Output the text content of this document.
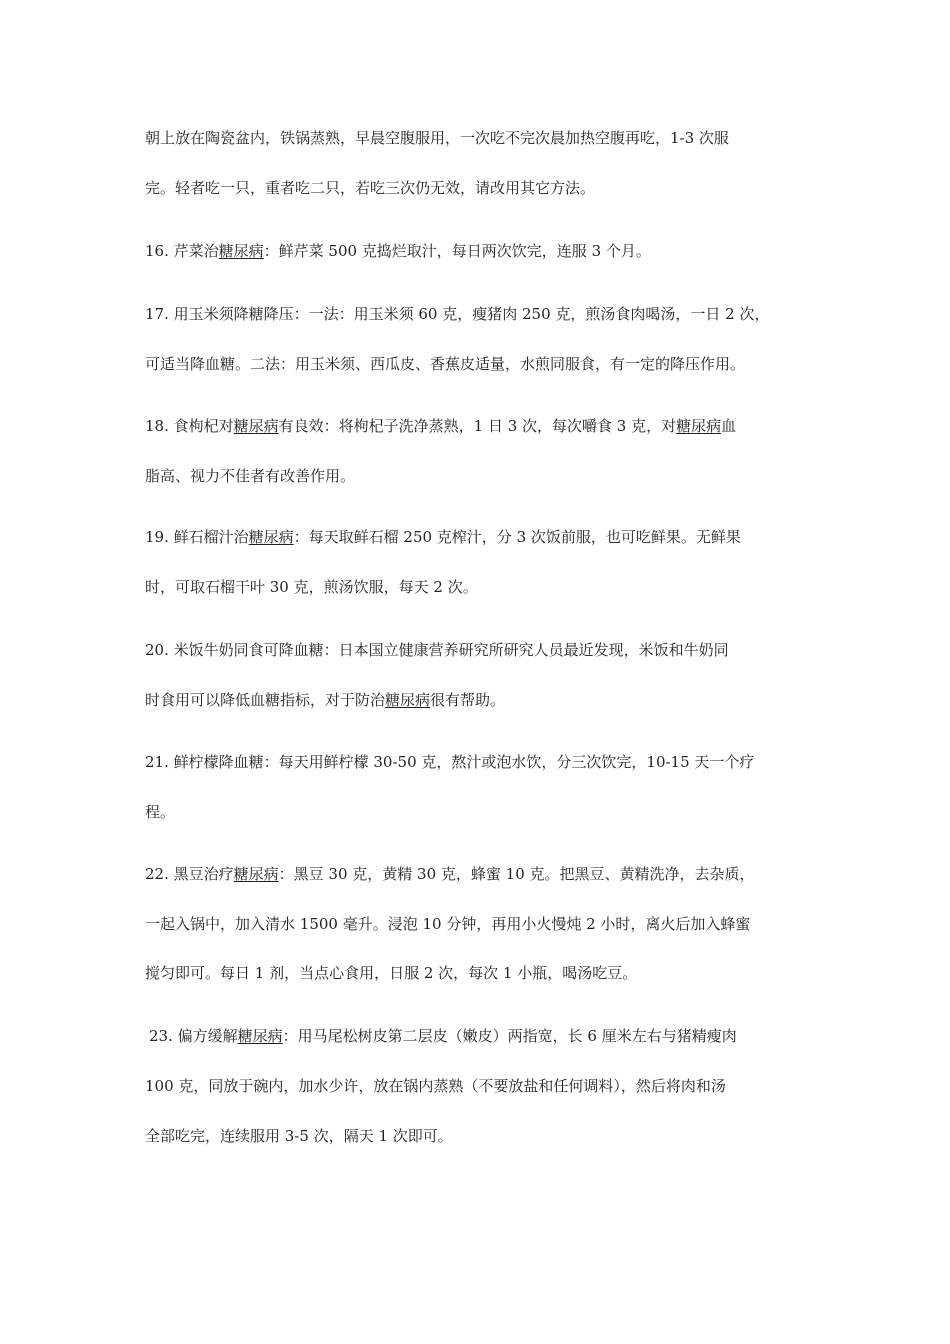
朝上放在陶瓷盆内，铁锅蒸熟，早晨空腹服用，一次吃不完次晨加热空腹再吃，1-3 次服
完。轻者吃一只，重者吃二只，若吃三次仍无效，请改用其它方法。
16. 芹菜治糖尿病：鲜芹菜 500 克捣烂取汁，每日两次饮完，连服 3 个月。
17. 用玉米须降糖降压：一法：用玉米须 60 克，瘦猪肉 250 克，煎汤食肉喝汤，一日 2 次，
可适当降血糖。二法：用玉米须、西瓜皮、香蕉皮适量，水煎同服食，有一定的降压作用。
18. 食枸杞对糖尿病有良效：将枸杞子洗净蒸熟，1 日 3 次，每次嚼食 3 克，对糖尿病血
脂高、视力不佳者有改善作用。
19. 鲜石榴汁治糖尿病：每天取鲜石榴 250 克榨汁，分 3 次饭前服，也可吃鲜果。无鲜果
时，可取石榴干叶 30 克，煎汤饮服，每天 2 次。
20. 米饭牛奶同食可降血糖：日本国立健康营养研究所研究人员最近发现，米饭和牛奶同
时食用可以降低血糖指标，对于防治糖尿病很有帮助。
21. 鲜柠檬降血糖：每天用鲜柠檬 30-50 克，熬汁或泡水饮，分三次饮完，10-15 天一个疗
程。
22. 黑豆治疗糖尿病：黑豆 30 克，黄精 30 克，蜂蜜 10 克。把黑豆、黄精洗净，去杂质，
一起入锅中，加入清水 1500 毫升。浸泡 10 分钟，再用小火慢炖 2 小时，离火后加入蜂蜜
搅匀即可。每日 1 剂，当点心食用，日服 2 次，每次 1 小瓶，喝汤吃豆。
23. 偏方缓解糖尿病：用马尾松树皮第二层皮（嫩皮）两指宽，长 6 厘米左右与猪精瘦肉
100 克，同放于碗内，加水少许，放在锅内蒸熟（不要放盐和任何调料），然后将肉和汤
全部吃完，连续服用 3-5 次，隔天 1 次即可。
